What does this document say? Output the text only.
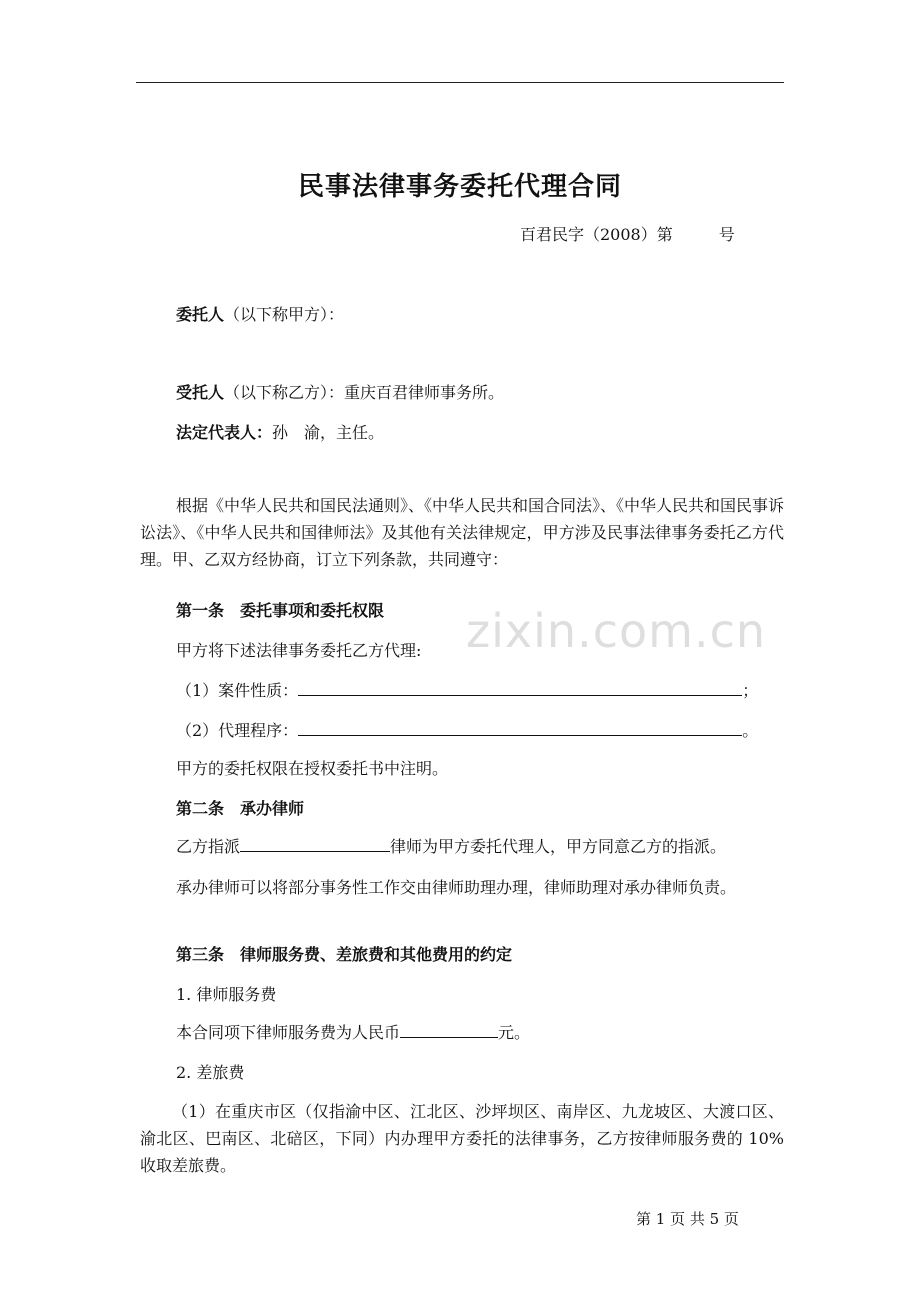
民事法律事务委托代理合同
百君民字（2008）第	号
委托人（以下称甲方）：
受托人（以下称乙方）：重庆百君律师事务所。
法定代表人：孙　渝，主任。
根据《中华人民共和国民法通则》、《中华人民共和国合同法》、《中华人民共和国民事诉讼法》、《中华人民共和国律师法》及其他有关法律规定，甲方涉及民事法律事务委托乙方代理。甲、乙双方经协商，订立下列条款，共同遵守：
第一条　委托事项和委托权限
甲方将下述法律事务委托乙方代理:
（1）案件性质：	；
（2）代理程序：	。
甲方的委托权限在授权委托书中注明。
第二条　承办律师
乙方指派	律师为甲方委托代理人，甲方同意乙方的指派。
承办律师可以将部分事务性工作交由律师助理办理，律师助理对承办律师负责。
第三条　律师服务费、差旅费和其他费用的约定
1. 律师服务费
本合同项下律师服务费为人民币	元。
2. 差旅费
（1）在重庆市区（仅指渝中区、江北区、沙坪坝区、南岸区、九龙坡区、大渡口区、渝北区、巴南区、北碚区，下同）内办理甲方委托的法律事务，乙方按律师服务费的 10%收取差旅费。
zixin.com.cn
第 1 页 共 5 页
